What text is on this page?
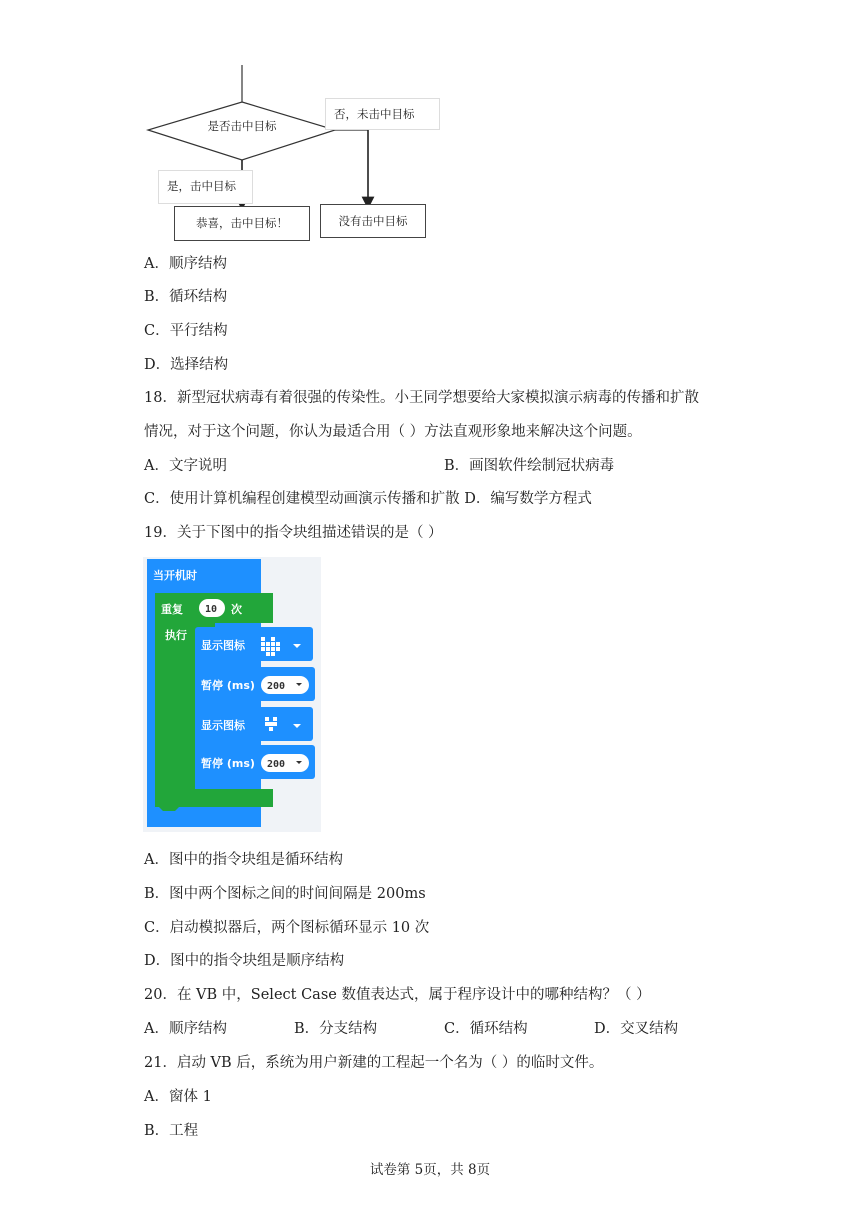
是否击中目标
否，未击中目标
是，击中目标
恭喜，击中目标！	没有击中目标
A．顺序结构
B．循环结构
C．平行结构
D．选择结构
18．新型冠状病毒有着很强的传染性。小王同学想要给大家模拟演示病毒的传播和扩散
情况，对于这个问题，你认为最适合用（ ）方法直观形象地来解决这个问题。
A．文字说明	B．画图软件绘制冠状病毒
C．使用计算机编程创建模型动画演示传播和扩散 D．编写数学方程式
19．关于下图中的指令块组描述错误的是（ ）
当开机时
重复 10 次
执行
显示图标
暂停 (ms) 200
显示图标
暂停 (ms) 200
A．图中的指令块组是循环结构
B．图中两个图标之间的时间间隔是 200ms
C．启动模拟器后，两个图标循环显示 10 次
D．图中的指令块组是顺序结构
20．在 VB 中，Select Case 数值表达式，属于程序设计中的哪种结构？（ ）
A．顺序结构	B．分支结构	C．循环结构	D．交叉结构
21．启动 VB 后，系统为用户新建的工程起一个名为（ ）的临时文件。
A．窗体 1
B．工程
试卷第 5页，共 8页
